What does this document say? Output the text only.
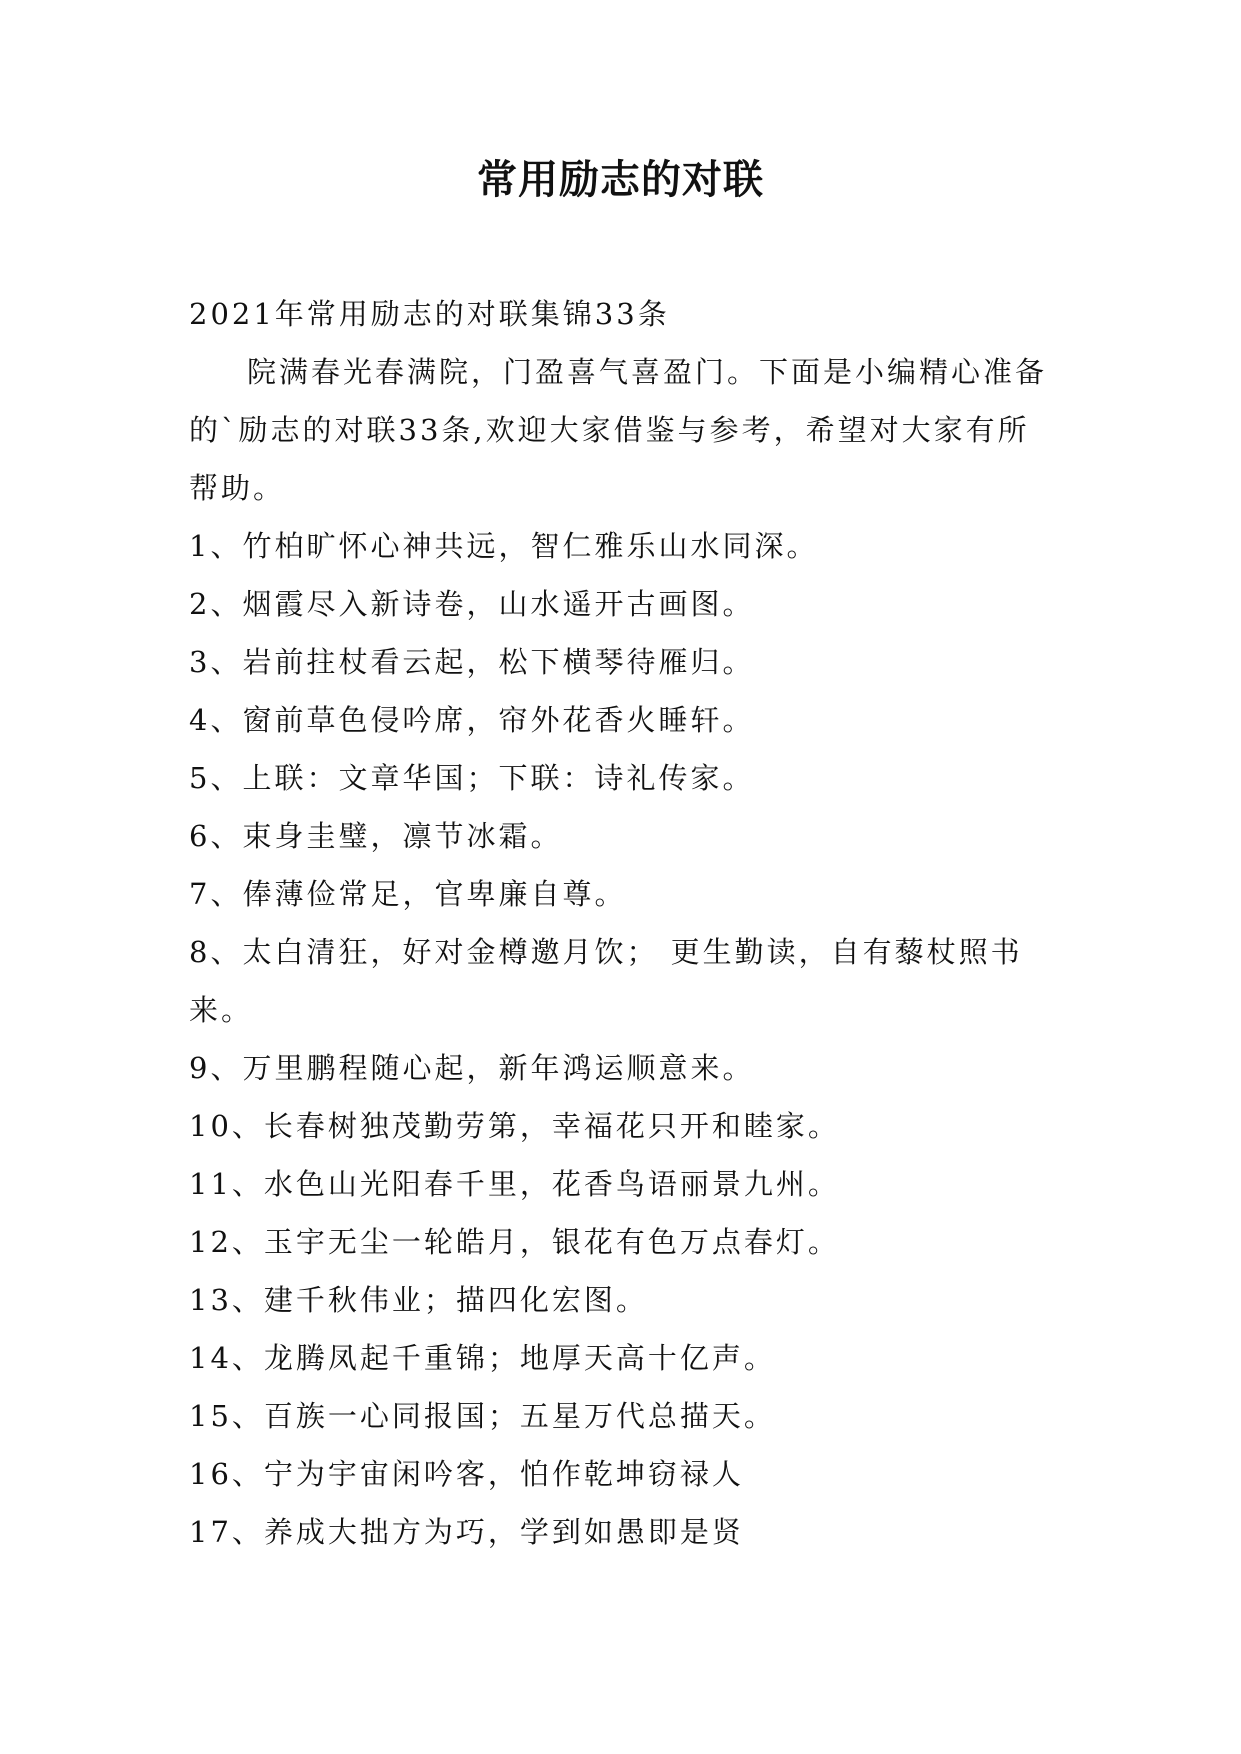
常用励志的对联

2021年常用励志的对联集锦33条

院满春光春满院，门盈喜气喜盈门。下面是小编精心准备的`励志的对联33条,欢迎大家借鉴与参考，希望对大家有所帮助。

1、竹柏旷怀心神共远，智仁雅乐山水同深。

2、烟霞尽入新诗卷，山水遥开古画图。

3、岩前拄杖看云起，松下横琴待雁归。

4、窗前草色侵吟席，帘外花香火睡轩。

5、上联：文章华国；下联：诗礼传家。

6、束身圭璧，凛节冰霜。

7、俸薄俭常足，官卑廉自尊。

8、太白清狂，好对金樽邀月饮； 更生勤读，自有藜杖照书来。

9、万里鹏程随心起，新年鸿运顺意来。

10、长春树独茂勤劳第，幸福花只开和睦家。

11、水色山光阳春千里，花香鸟语丽景九州。

12、玉宇无尘一轮皓月，银花有色万点春灯。

13、建千秋伟业；描四化宏图。

14、龙腾凤起千重锦；地厚天高十亿声。

15、百族一心同报国；五星万代总描天。

16、宁为宇宙闲吟客，怕作乾坤窃禄人

17、养成大拙方为巧，学到如愚即是贤
